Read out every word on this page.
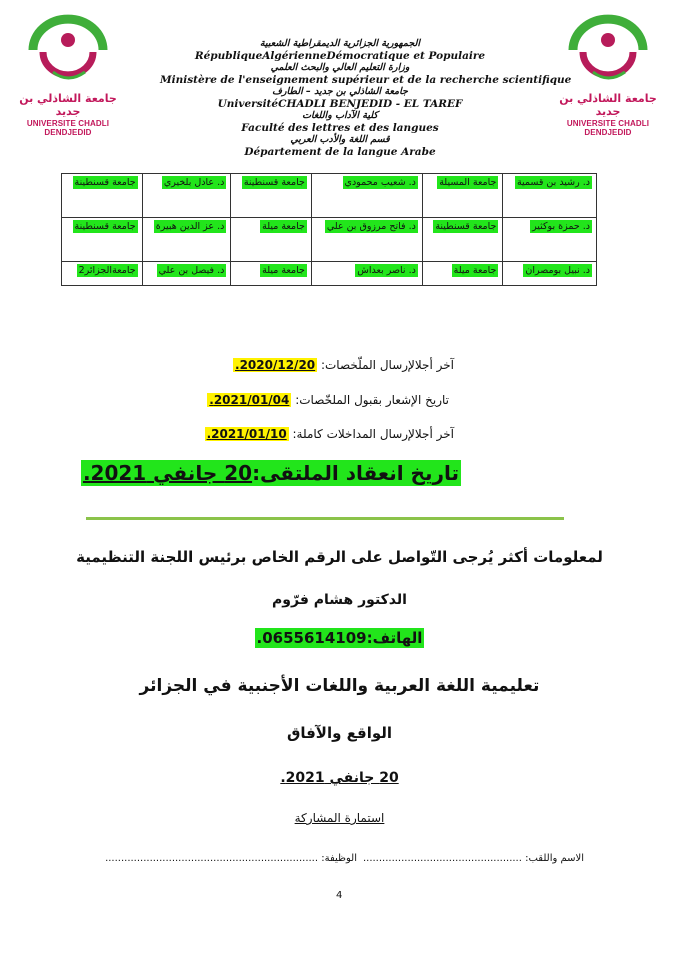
جامعة الشاذلي بن جديد
UNIVERSITE CHADLI DENDJEDID
جامعة الشاذلي بن جديد
UNIVERSITE CHADLI DENDJEDID
الجمهورية الجزائرية الديمقراطية الشعبية
RépubliqueAlgérienneDémocratique et Populaire
وزارة التعليم العالي والبحث العلمي
Ministère de l'enseignement supérieur et de la recherche scientifique
جامعة الشاذلي بن جديد – الطارف
UniversitéCHADLI BENJEDID - EL TAREF
كلية الآداب واللغات
Faculté des lettres et des langues
قسم اللغة والأدب العربي
Département de la langue Arabe
د. رشيد بن قسمية	جامعة المسيلة	د. شعيب محمودي	جامعة قسنطينة	د. عادل بلخيري	جامعة قسنطينة
د. حمزة بوكثير	جامعة قسنطينة	د. فاتح مرزوق بن علي	جامعة ميلة	د. عز الدين هبيرة	جامعة قسنطينة
د. نبيل بومصران	جامعة ميلة	د. ناصر بعداش	جامعة ميلة	د. فيصل بن علي	جامعةالجزائر2
آخر أجلالإرسال الملّخصات: 2020/12/20.
تاريخ الإشعار بقبول الملخّصات: 2021/01/04.
آخر أجلالإرسال المداخلات كاملة: 2021/01/10.
تاريخ انعقاد الملتقى:20 جانفي 2021.
لمعلومات أكثر يُرجى التّواصل على الرقم الخاص برئيس اللجنة التنظيمية
الدكتور هشام فرّوم
الهاتف:0655614109.
تعليمية اللغة العربية واللغات الأجنبية في الجزائر
الواقع والآفاق
20 جانفي 2021.
استمارة المشاركة
الاسم واللقب: ..................................................
الوظيفة: ...................................................................
4
